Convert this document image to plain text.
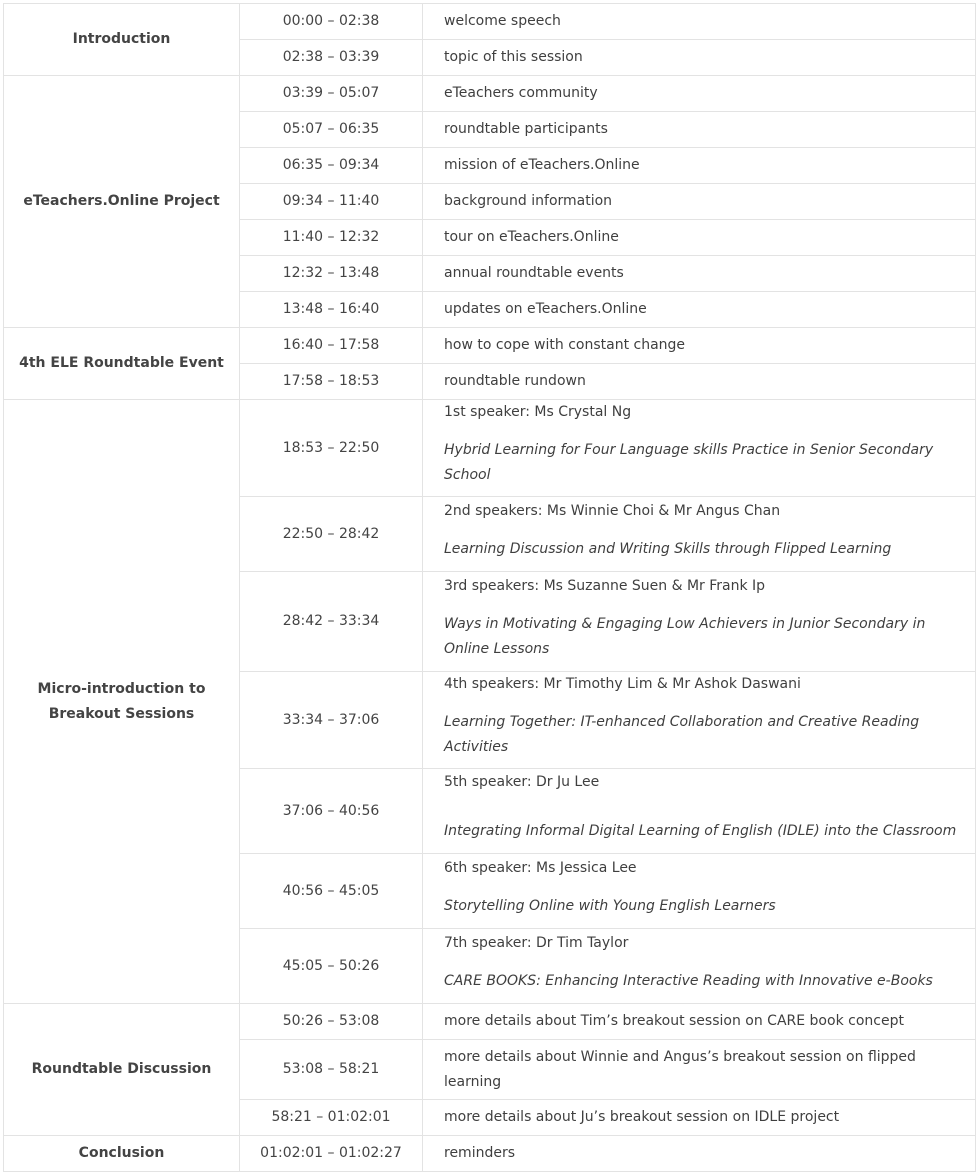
Introduction	00:00 – 02:38	welcome speech
	02:38 – 03:39	topic of this session
eTeachers.Online Project	03:39 – 05:07	eTeachers community
	05:07 – 06:35	roundtable participants
	06:35 – 09:34	mission of eTeachers.Online
	09:34 – 11:40	background information
	11:40 – 12:32	tour on eTeachers.Online
	12:32 – 13:48	annual roundtable events
	13:48 – 16:40	updates on eTeachers.Online
4th ELE Roundtable Event	16:40 – 17:58	how to cope with constant change
	17:58 – 18:53	roundtable rundown
Micro-introduction to Breakout Sessions	18:53 – 22:50	1st speaker: Ms Crystal Ng
Hybrid Learning for Four Language skills Practice in Senior Secondary School

	22:50 – 28:42	2nd speakers: Ms Winnie Choi & Mr Angus Chan
Learning Discussion and Writing Skills through Flipped Learning

	28:42 – 33:34	3rd speakers: Ms Suzanne Suen & Mr Frank Ip
Ways in Motivating & Engaging Low Achievers in Junior Secondary in Online Lessons

	33:34 – 37:06	4th speakers: Mr Timothy Lim & Mr Ashok Daswani
Learning Together: IT-enhanced Collaboration and Creative Reading Activities

	37:06 – 40:56	5th speaker: Dr Ju Lee
Integrating Informal Digital Learning of English (IDLE) into the Classroom

	40:56 – 45:05	6th speaker: Ms Jessica Lee
Storytelling Online with Young English Learners

	45:05 – 50:26	7th speaker: Dr Tim Taylor
CARE BOOKS: Enhancing Interactive Reading with Innovative e-Books

Roundtable Discussion	50:26 – 53:08	more details about Tim’s breakout session on CARE book concept
	53:08 – 58:21	more details about Winnie and Angus’s breakout session on flipped learning
	58:21 – 01:02:01	more details about Ju’s breakout session on IDLE project
Conclusion	01:02:01 – 01:02:27	reminders
